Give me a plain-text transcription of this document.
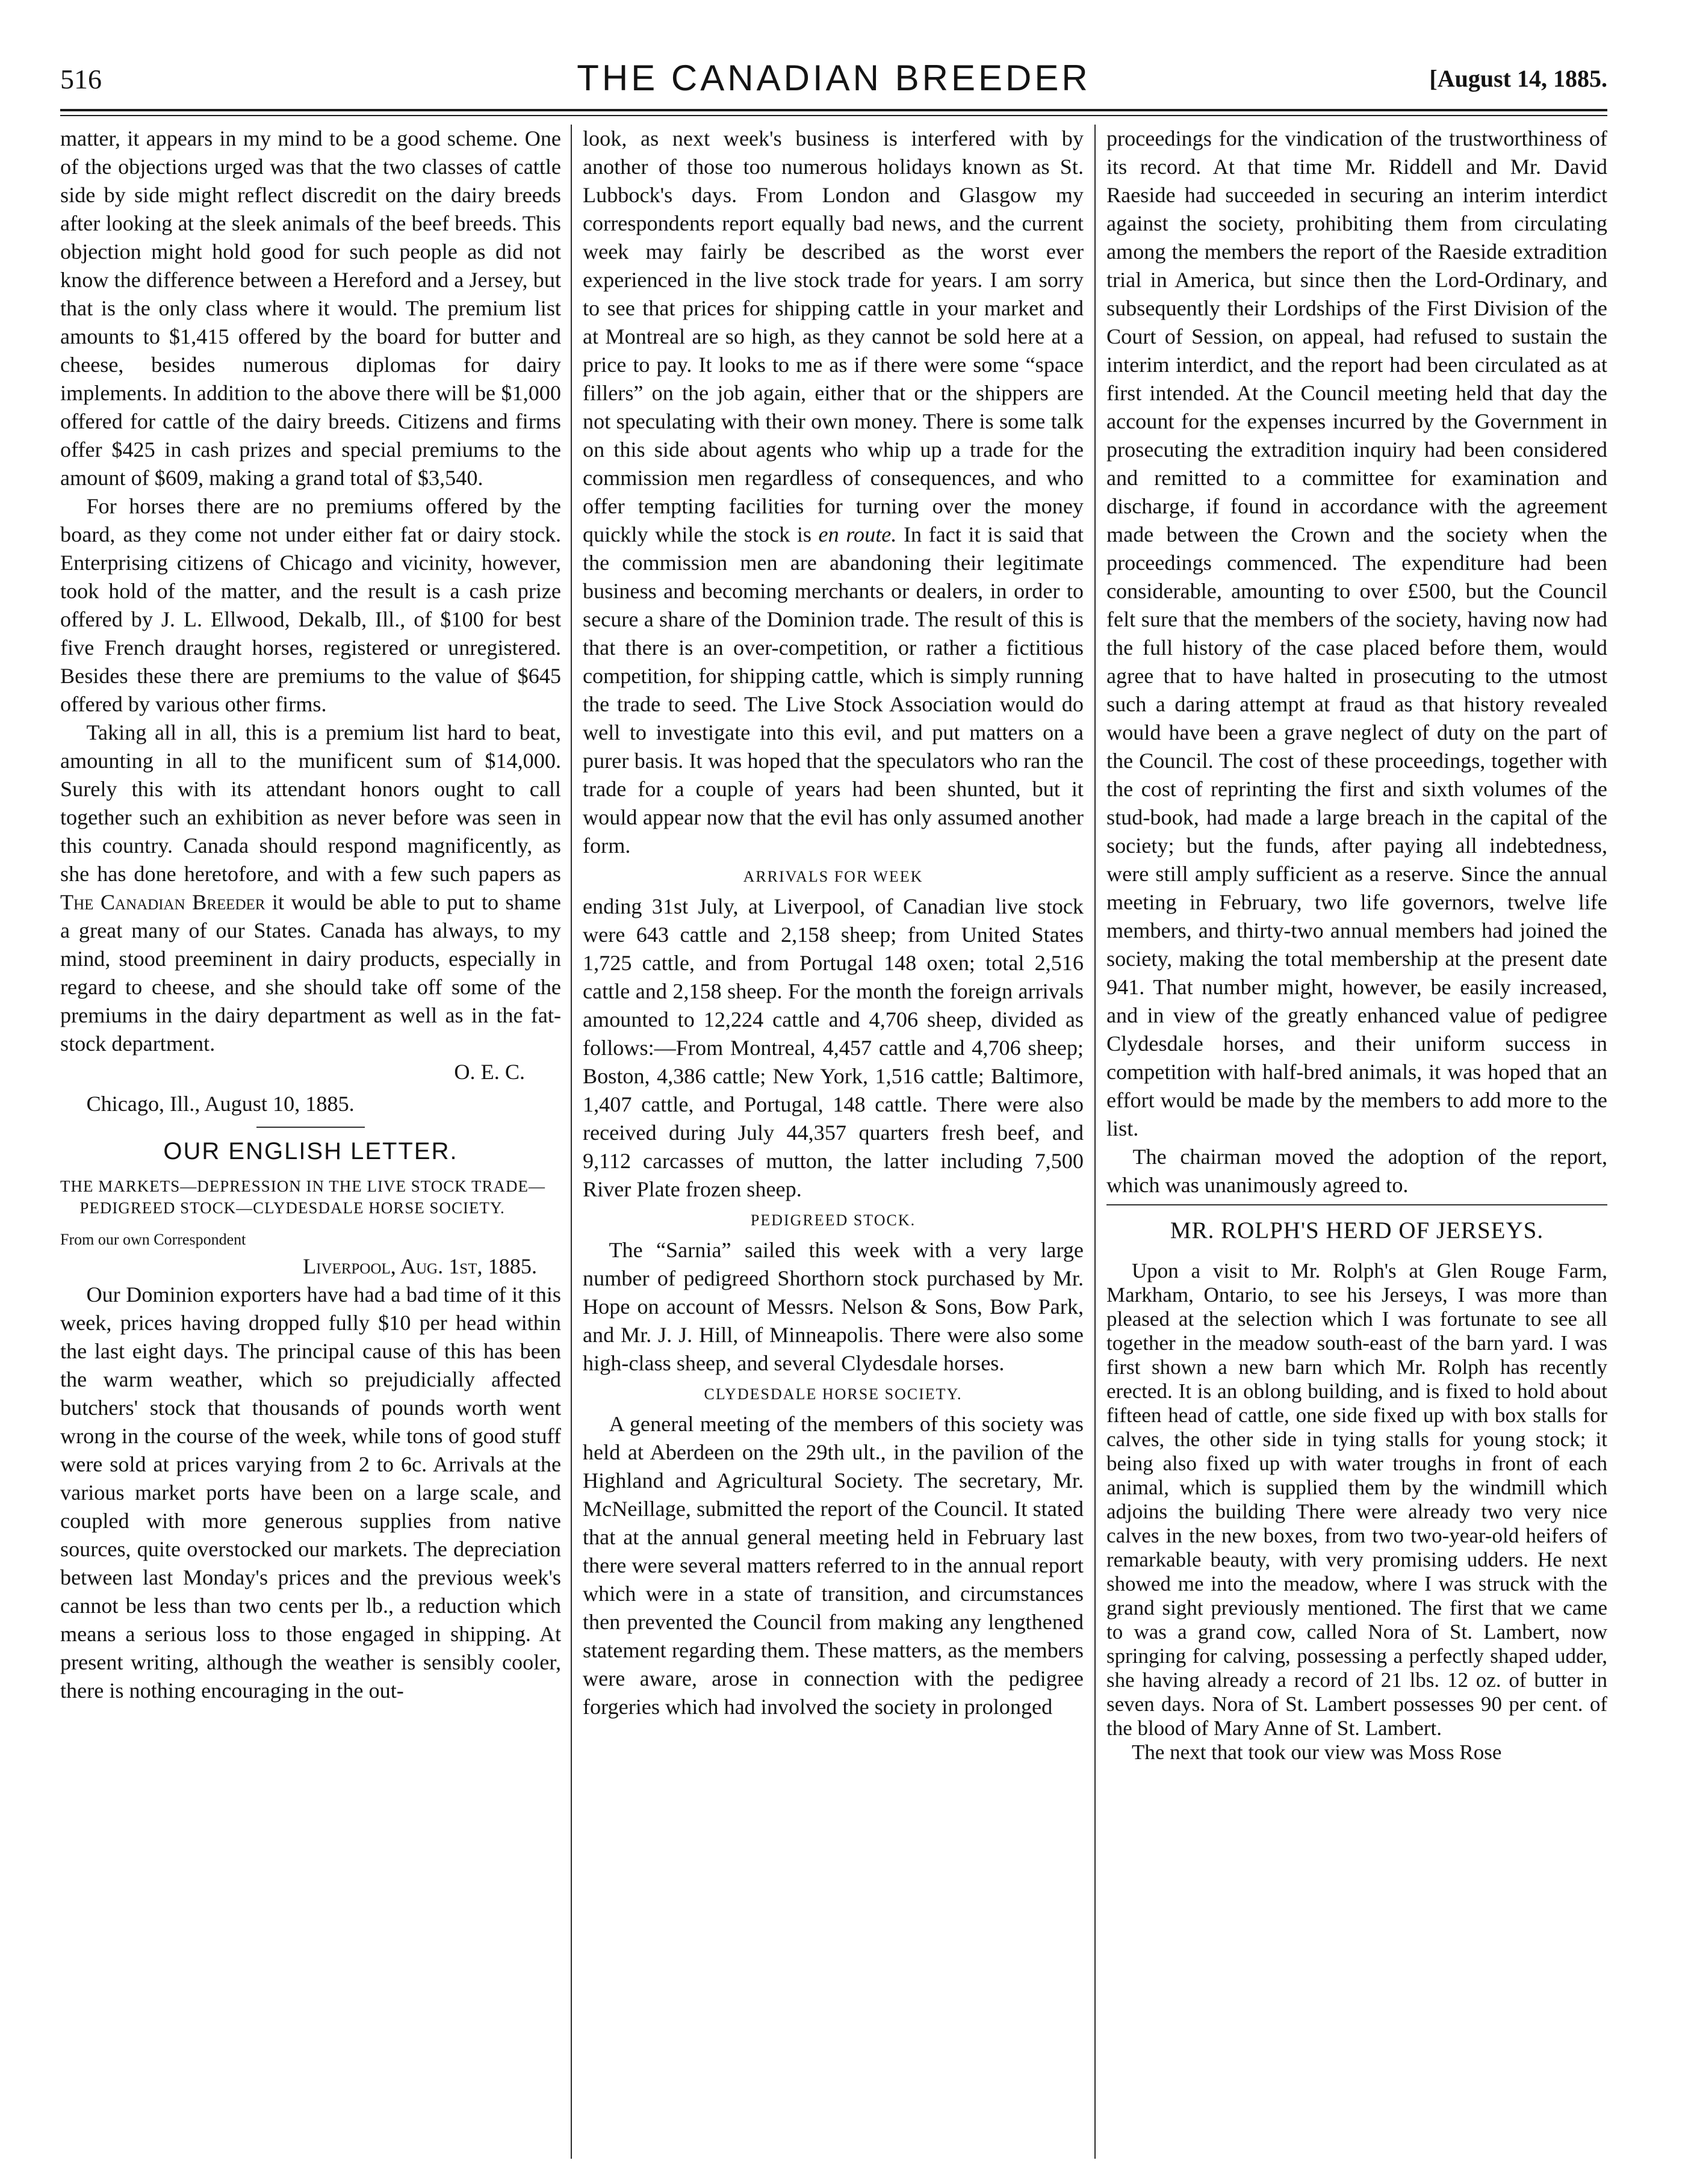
516	THE CANADIAN BREEDER	[August 14, 1885.

matter, it appears in my mind to be a good scheme. One of the objections urged was that the two classes of cattle side by side might reflect discredit on the dairy breeds after looking at the sleek animals of the beef breeds. This objection might hold good for such people as did not know the difference between a Hereford and a Jersey, but that is the only class where it would. The premium list amounts to $1,415 offered by the board for butter and cheese, besides numerous diplomas for dairy implements. In addition to the above there will be $1,000 offered for cattle of the dairy breeds. Citizens and firms offer $425 in cash prizes and special premiums to the amount of $609, making a grand total of $3,540.

For horses there are no premiums offered by the board, as they come not under either fat or dairy stock. Enterprising citizens of Chicago and vicinity, however, took hold of the matter, and the result is a cash prize offered by J. L. Ellwood, Dekalb, Ill., of $100 for best five French draught horses, registered or unregistered. Besides these there are premiums to the value of $645 offered by various other firms.

Taking all in all, this is a premium list hard to beat, amounting in all to the munificent sum of $14,000. Surely this with its attendant honors ought to call together such an exhibition as never before was seen in this country. Canada should respond magnificently, as she has done heretofore, and with a few such papers as The Canadian Breeder it would be able to put to shame a great many of our States. Canada has always, to my mind, stood preeminent in dairy products, especially in regard to cheese, and she should take off some of the premiums in the dairy department as well as in the fat-stock department.

O. E. C.

Chicago, Ill., August 10, 1885.

OUR ENGLISH LETTER.
THE MARKETS—DEPRESSION IN THE LIVE STOCK TRADE—PEDIGREED STOCK—CLYDESDALE HORSE SOCIETY.
From our own Correspondent

Liverpool, Aug. 1st, 1885.

Our Dominion exporters have had a bad time of it this week, prices having dropped fully $10 per head within the last eight days. The principal cause of this has been the warm weather, which so prejudicially affected butchers' stock that thousands of pounds worth went wrong in the course of the week, while tons of good stuff were sold at prices varying from 2 to 6c. Arrivals at the various market ports have been on a large scale, and coupled with more generous supplies from native sources, quite overstocked our markets. The depreciation between last Monday's prices and the previous week's cannot be less than two cents per lb., a reduction which means a serious loss to those engaged in shipping. At present writing, although the weather is sensibly cooler, there is nothing encouraging in the out-

look, as next week's business is interfered with by another of those too numerous holidays known as St. Lubbock's days. From London and Glasgow my correspondents report equally bad news, and the current week may fairly be described as the worst ever experienced in the live stock trade for years. I am sorry to see that prices for shipping cattle in your market and at Montreal are so high, as they cannot be sold here at a price to pay. It looks to me as if there were some “space fillers” on the job again, either that or the shippers are not speculating with their own money. There is some talk on this side about agents who whip up a trade for the commission men regardless of consequences, and who offer tempting facilities for turning over the money quickly while the stock is en route. In fact it is said that the commission men are abandoning their legitimate business and becoming merchants or dealers, in order to secure a share of the Dominion trade. The result of this is that there is an over-competition, or rather a fictitious competition, for shipping cattle, which is simply running the trade to seed. The Live Stock Association would do well to investigate into this evil, and put matters on a purer basis. It was hoped that the speculators who ran the trade for a couple of years had been shunted, but it would appear now that the evil has only assumed another form.

ARRIVALS FOR WEEK

ending 31st July, at Liverpool, of Canadian live stock were 643 cattle and 2,158 sheep; from United States 1,725 cattle, and from Portugal 148 oxen; total 2,516 cattle and 2,158 sheep. For the month the foreign arrivals amounted to 12,224 cattle and 4,706 sheep, divided as follows:—From Montreal, 4,457 cattle and 4,706 sheep; Boston, 4,386 cattle; New York, 1,516 cattle; Baltimore, 1,407 cattle, and Portugal, 148 cattle. There were also received during July 44,357 quarters fresh beef, and 9,112 carcasses of mutton, the latter including 7,500 River Plate frozen sheep.

PEDIGREED STOCK.

The “Sarnia” sailed this week with a very large number of pedigreed Shorthorn stock purchased by Mr. Hope on account of Messrs. Nelson & Sons, Bow Park, and Mr. J. J. Hill, of Minneapolis. There were also some high-class sheep, and several Clydesdale horses.

CLYDESDALE HORSE SOCIETY.

A general meeting of the members of this society was held at Aberdeen on the 29th ult., in the pavilion of the Highland and Agricultural Society. The secretary, Mr. McNeillage, submitted the report of the Council. It stated that at the annual general meeting held in February last there were several matters referred to in the annual report which were in a state of transition, and circumstances then prevented the Council from making any lengthened statement regarding them. These matters, as the members were aware, arose in connection with the pedigree forgeries which had involved the society in prolonged

proceedings for the vindication of the trustworthiness of its record. At that time Mr. Riddell and Mr. David Raeside had succeeded in securing an interim interdict against the society, prohibiting them from circulating among the members the report of the Raeside extradition trial in America, but since then the Lord-Ordinary, and subsequently their Lordships of the First Division of the Court of Session, on appeal, had refused to sustain the interim interdict, and the report had been circulated as at first intended. At the Council meeting held that day the account for the expenses incurred by the Government in prosecuting the extradition inquiry had been considered and remitted to a committee for examination and discharge, if found in accordance with the agreement made between the Crown and the society when the proceedings commenced. The expenditure had been considerable, amounting to over £500, but the Council felt sure that the members of the society, having now had the full history of the case placed before them, would agree that to have halted in prosecuting to the utmost such a daring attempt at fraud as that history revealed would have been a grave neglect of duty on the part of the Council. The cost of these proceedings, together with the cost of reprinting the first and sixth volumes of the stud-book, had made a large breach in the capital of the society; but the funds, after paying all indebtedness, were still amply sufficient as a reserve. Since the annual meeting in February, two life governors, twelve life members, and thirty-two annual members had joined the society, making the total membership at the present date 941. That number might, however, be easily increased, and in view of the greatly enhanced value of pedigree Clydesdale horses, and their uniform success in competition with half-bred animals, it was hoped that an effort would be made by the members to add more to the list.

The chairman moved the adoption of the report, which was unanimously agreed to.

MR. ROLPH'S HERD OF JERSEYS.

Upon a visit to Mr. Rolph's at Glen Rouge Farm, Markham, Ontario, to see his Jerseys, I was more than pleased at the selection which I was fortunate to see all together in the meadow south-east of the barn yard. I was first shown a new barn which Mr. Rolph has recently erected. It is an oblong building, and is fixed to hold about fifteen head of cattle, one side fixed up with box stalls for calves, the other side in tying stalls for young stock; it being also fixed up with water troughs in front of each animal, which is supplied them by the windmill which adjoins the building There were already two very nice calves in the new boxes, from two two-year-old heifers of remarkable beauty, with very promising udders. He next showed me into the meadow, where I was struck with the grand sight previously mentioned. The first that we came to was a grand cow, called Nora of St. Lambert, now springing for calving, possessing a perfectly shaped udder, she having already a record of 21 lbs. 12 oz. of butter in seven days. Nora of St. Lambert possesses 90 per cent. of the blood of Mary Anne of St. Lambert.

The next that took our view was Moss Rose
